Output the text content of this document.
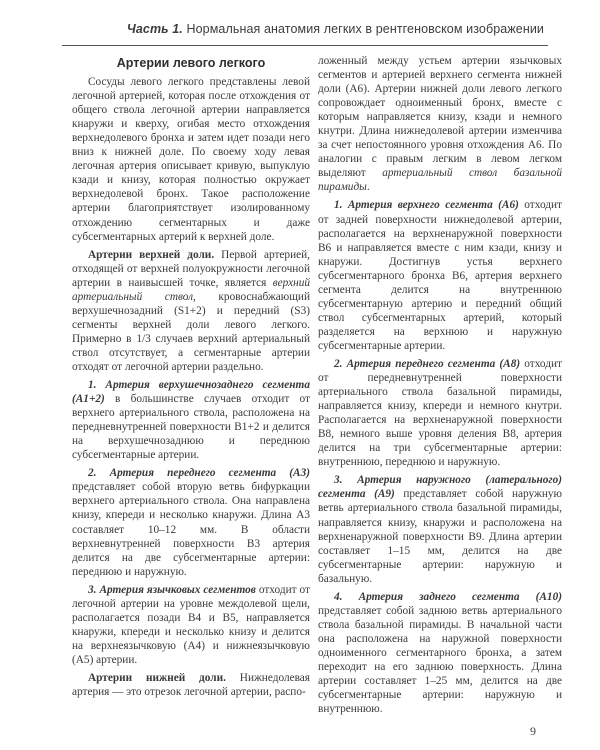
Часть 1. Нормальная анатомия легких в рентгеновском изображении
Артерии левого легкого

Сосуды левого легкого представлены левой легочной артерией, которая после отхождения от общего ствола легочной артерии направляется кнаружи и кверху, огибая место отхождения верхнедолевого бронха и затем идет позади него вниз к нижней доле. По своему ходу левая легочная артерия описывает кривую, выпуклую кзади и книзу, которая полностью окружает верхнедолевой бронх. Такое расположение артерии благоприятствует изолированному отхождению сегментарных и даже субсегментарных артерий к верхней доле.

Артерии верхней доли. Первой артерией, отходящей от верхней полуокружности легочной артерии в наивысшей точке, является верхний артериальный ствол, кровоснабжающий верхушечнозадний (S1+2) и передний (S3) сегменты верхней доли левого легкого. Примерно в 1/3 случаев верхний артериальный ствол отсутствует, а сегментарные артерии отходят от легочной артерии раздельно.

1. Артерия верхушечнозаднего сегмента (A1+2) в большинстве случаев отходит от верхнего артериального ствола, расположена на передневнутренней поверхности B1+2 и делится на верхушечнозаднюю и переднюю субсегментарные артерии.

2. Артерия переднего сегмента (A3) представляет собой вторую ветвь бифуркации верхнего артериального ствола. Она направлена книзу, кпереди и несколько кнаружи. Длина A3 составляет 10–12 мм. В области верхневнутренней поверхности B3 артерия делится на две субсегментарные артерии: переднюю и наружную.

3. Артерия язычковых сегментов отходит от легочной артерии на уровне междолевой щели, располагается позади B4 и B5, направляется кнаружи, кпереди и несколько книзу и делится на верхнеязычковую (A4) и нижнеязычковую (A5) артерии.

Артерии нижней доли. Нижнедолевая артерия — это отрезок легочной артерии, распо-

ложенный между устьем артерии язычковых сегментов и артерией верхнего сегмента нижней доли (A6). Артерии нижней доли левого легкого сопровождает одноименный бронх, вместе с которым направляется книзу, кзади и немного кнутри. Длина нижнедолевой артерии изменчива за счет непостоянного уровня отхождения A6. По аналогии с правым легким в левом легком выделяют артериальный ствол базальной пирамиды.

1. Артерия верхнего сегмента (A6) отходит от задней поверхности нижнедолевой артерии, располагается на верхненаружной поверхности B6 и направляется вместе с ним кзади, книзу и кнаружи. Достигнув устья верхнего субсегментарного бронха B6, артерия верхнего сегмента делится на внутреннюю субсегментарную артерию и передний общий ствол субсегментарных артерий, который разделяется на верхнюю и наружную субсегментарные артерии.

2. Артерия переднего сегмента (A8) отходит от передневнутренней поверхности артериального ствола базальной пирамиды, направляется книзу, кпереди и немного кнутри. Располагается на верхненаружной поверхности B8, немного выше уровня деления B8, артерия делится на три субсегментарные артерии: внутреннюю, переднюю и наружную.

3. Артерия наружного (латерального) сегмента (A9) представляет собой наружную ветвь артериального ствола базальной пирамиды, направляется книзу, кнаружи и расположена на верхненаружной поверхности B9. Длина артерии составляет 1–15 мм, делится на две субсегментарные артерии: наружную и базальную.

4. Артерия заднего сегмента (A10) представляет собой заднюю ветвь артериального ствола базальной пирамиды. В начальной части она расположена на наружной поверхности одноименного сегментарного бронха, а затем переходит на его заднюю поверхность. Длина артерии составляет 1–25 мм, делится на две субсегментарные артерии: наружную и внутреннюю.

9
